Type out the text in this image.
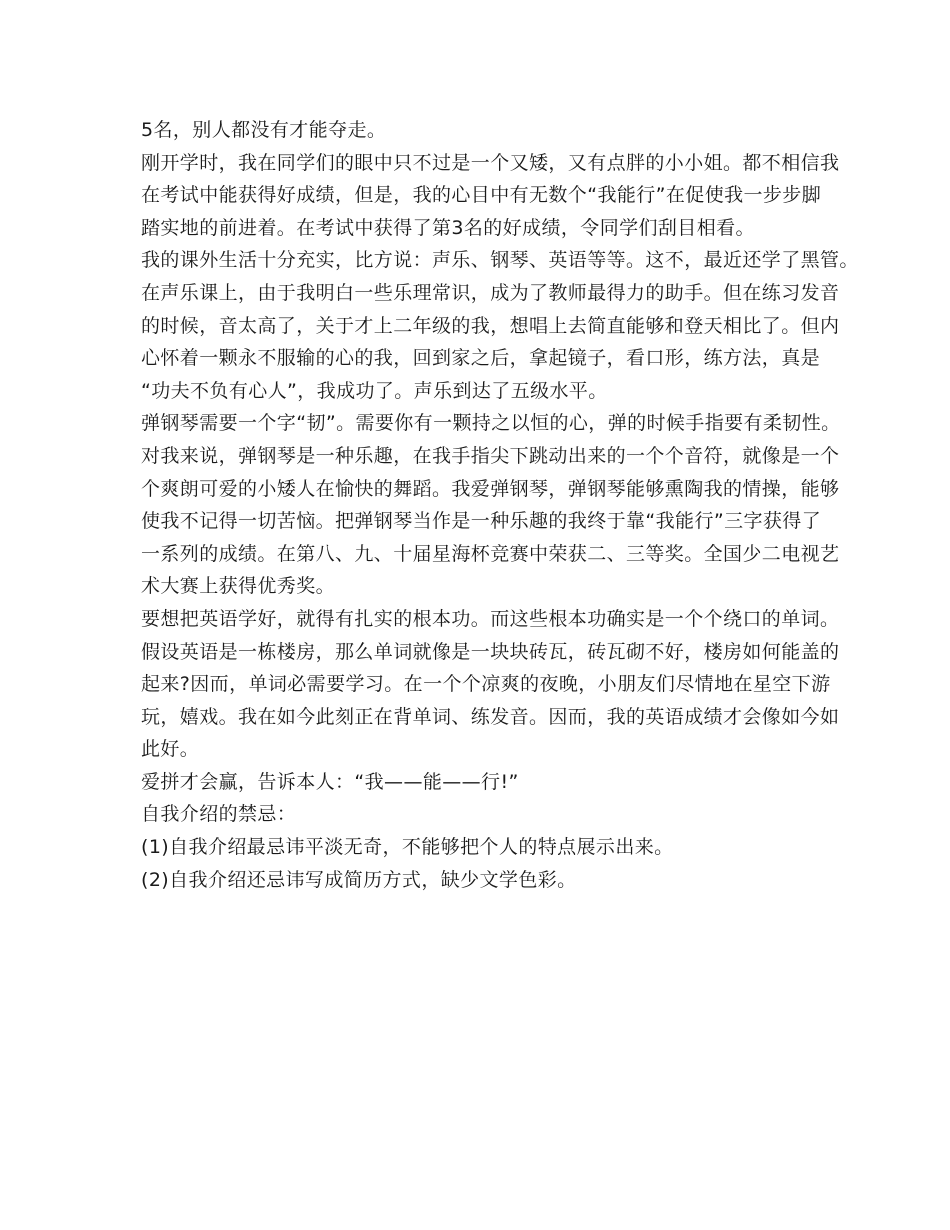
5名，别人都没有才能夺走。
刚开学时，我在同学们的眼中只不过是一个又矮，又有点胖的小小姐。都不相信我
在考试中能获得好成绩，但是，我的心目中有无数个“我能行”在促使我一步步脚
踏实地的前进着。在考试中获得了第3名的好成绩，令同学们刮目相看。
我的课外生活十分充实，比方说：声乐、钢琴、英语等等。这不，最近还学了黑管。
在声乐课上，由于我明白一些乐理常识，成为了教师最得力的助手。但在练习发音
的时候，音太高了，关于才上二年级的我，想唱上去简直能够和登天相比了。但内
心怀着一颗永不服输的心的我，回到家之后，拿起镜子，看口形，练方法，真是
“功夫不负有心人”，我成功了。声乐到达了五级水平。
弹钢琴需要一个字“韧”。需要你有一颗持之以恒的心，弹的时候手指要有柔韧性。
对我来说，弹钢琴是一种乐趣，在我手指尖下跳动出来的一个个音符，就像是一个
个爽朗可爱的小矮人在愉快的舞蹈。我爱弹钢琴，弹钢琴能够熏陶我的情操，能够
使我不记得一切苦恼。把弹钢琴当作是一种乐趣的我终于靠“我能行”三字获得了
一系列的成绩。在第八、九、十届星海杯竞赛中荣获二、三等奖。全国少二电视艺
术大赛上获得优秀奖。
要想把英语学好，就得有扎实的根本功。而这些根本功确实是一个个绕口的单词。
假设英语是一栋楼房，那么单词就像是一块块砖瓦，砖瓦砌不好，楼房如何能盖的
起来?因而，单词必需要学习。在一个个凉爽的夜晚，小朋友们尽情地在星空下游
玩，嬉戏。我在如今此刻正在背单词、练发音。因而，我的英语成绩才会像如今如
此好。
爱拼才会赢，告诉本人：“我——能——行!”
自我介绍的禁忌：
(1)自我介绍最忌讳平淡无奇，不能够把个人的特点展示出来。
(2)自我介绍还忌讳写成简历方式，缺少文学色彩。
